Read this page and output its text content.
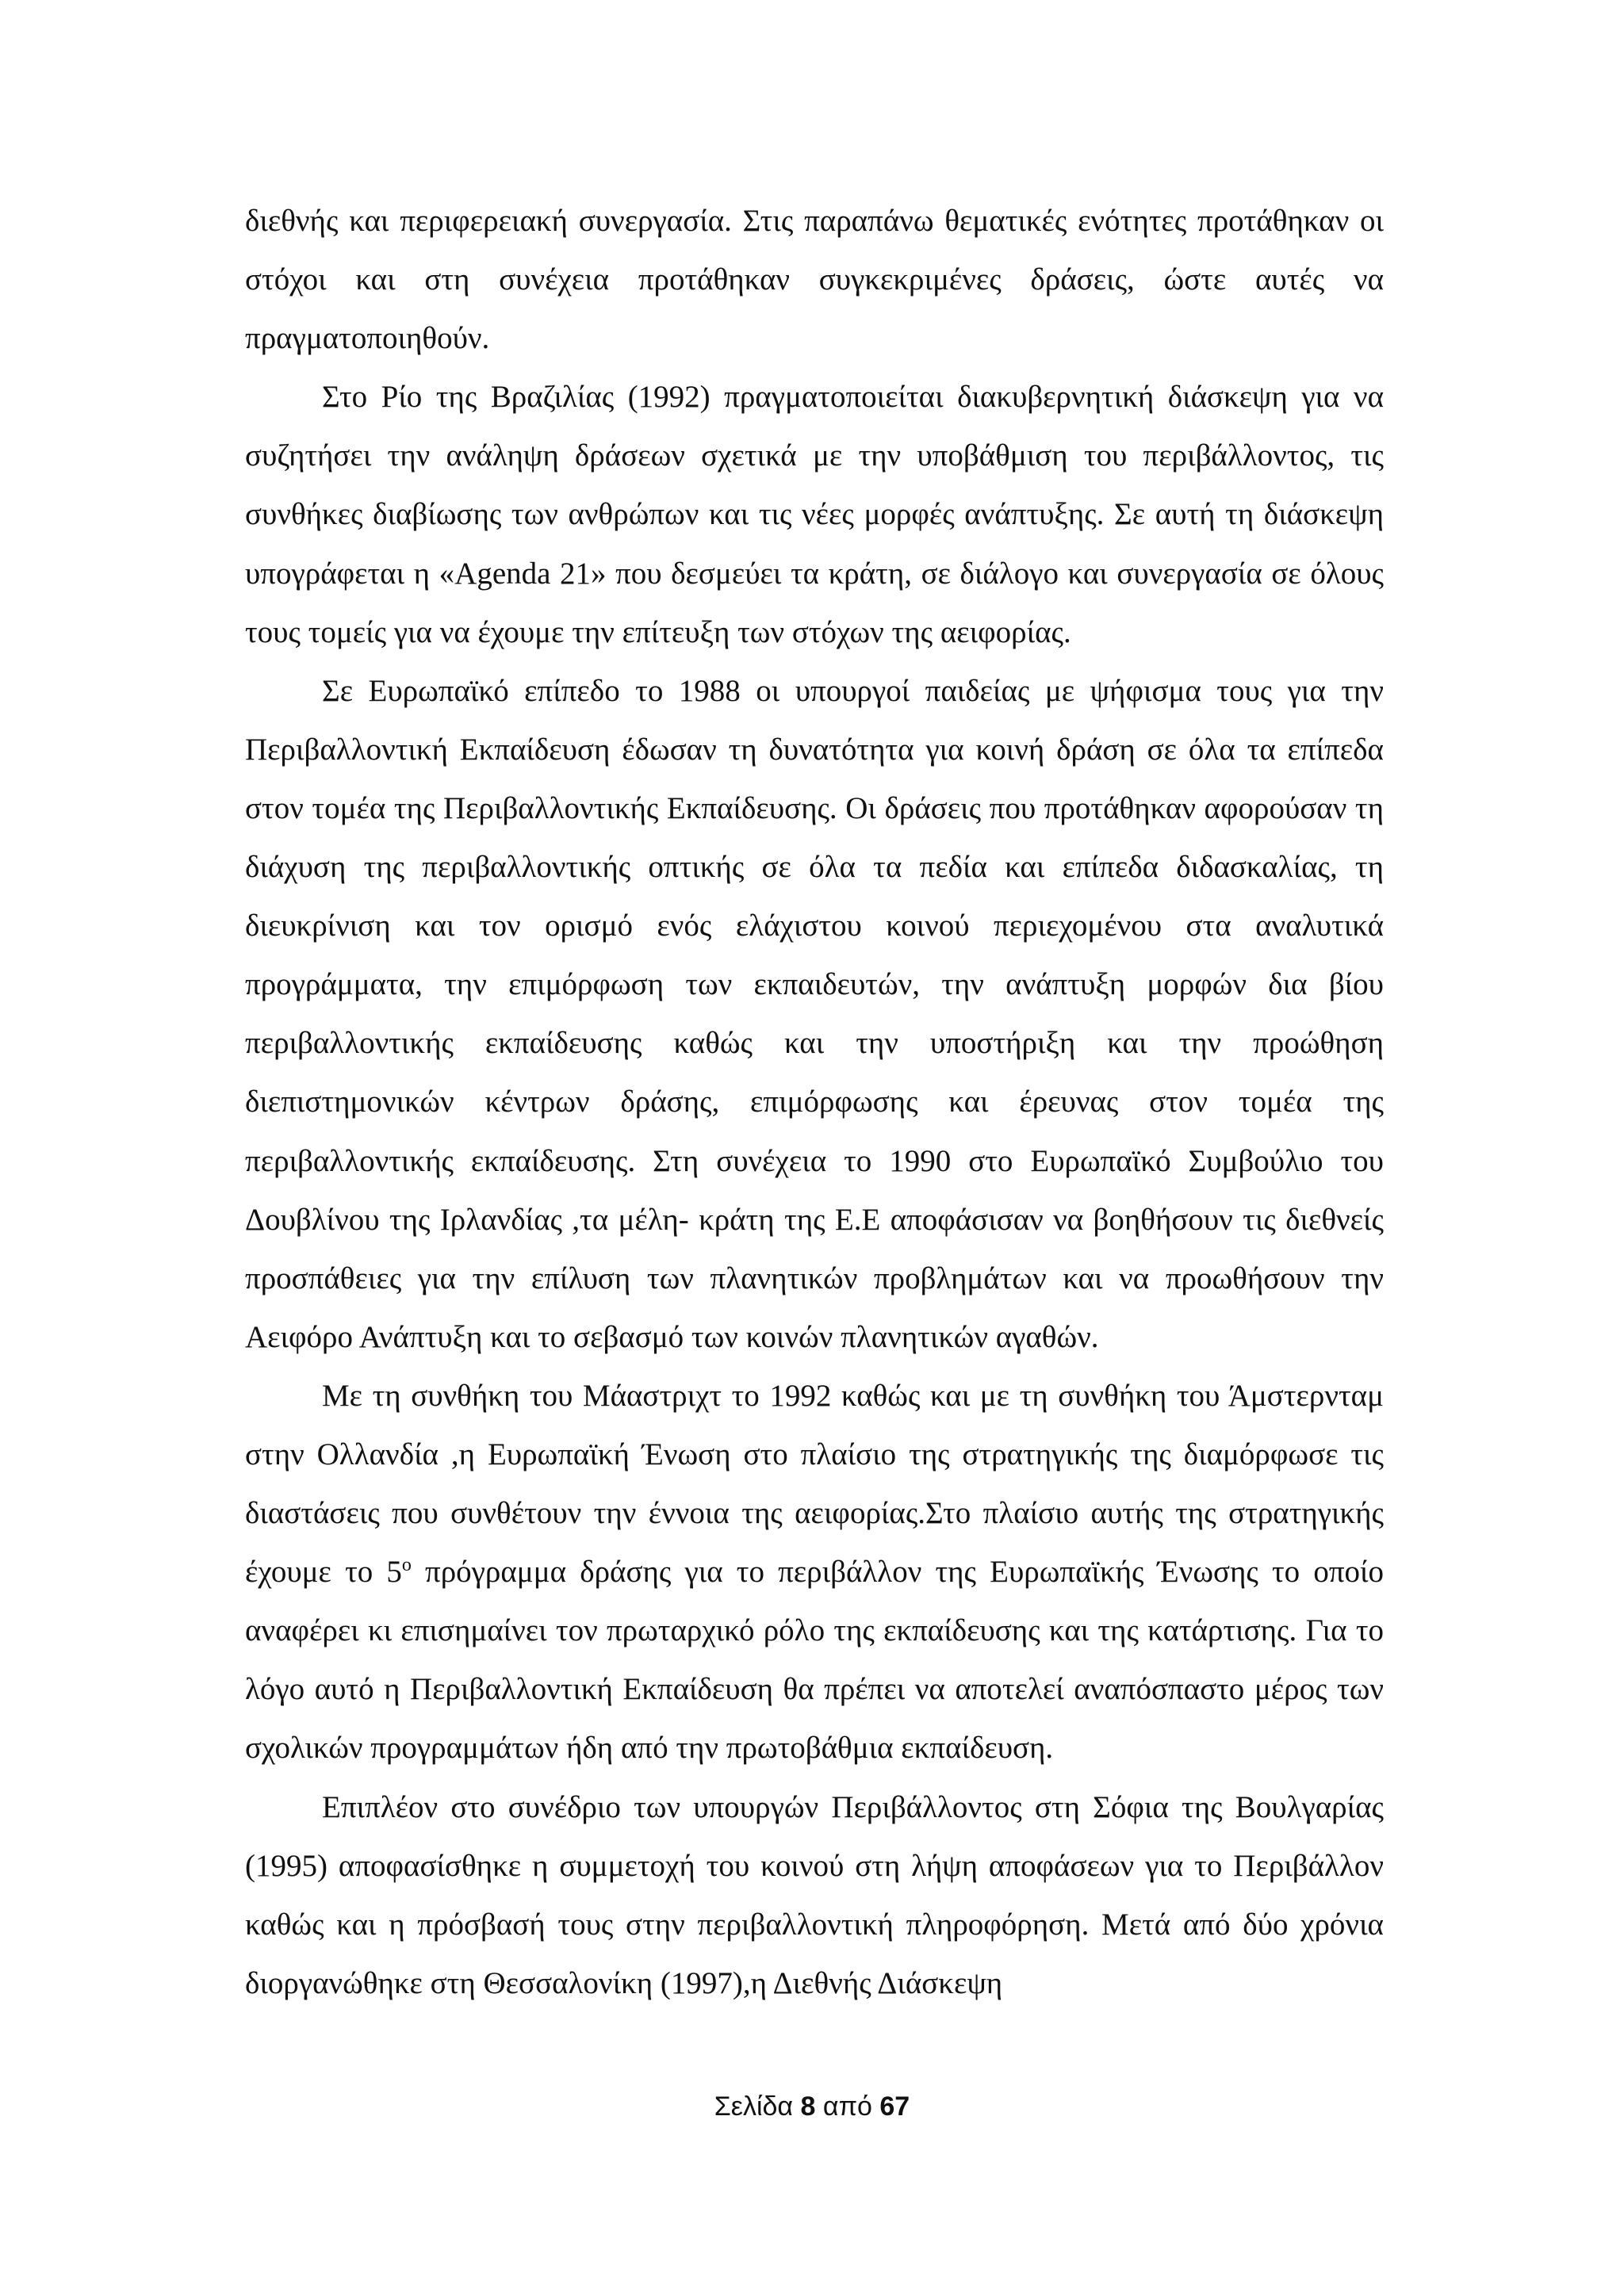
διεθνής και περιφερειακή συνεργασία. Στις παραπάνω θεματικές ενότητες προτάθηκαν οι στόχοι και στη συνέχεια προτάθηκαν συγκεκριμένες δράσεις, ώστε αυτές να πραγματοποιηθούν.

Στο Ρίο της Βραζιλίας (1992) πραγματοποιείται διακυβερνητική διάσκεψη για να συζητήσει την ανάληψη δράσεων σχετικά με την υποβάθμιση του περιβάλλοντος, τις συνθήκες διαβίωσης των ανθρώπων και τις νέες μορφές ανάπτυξης. Σε αυτή τη διάσκεψη υπογράφεται η «Agenda 21» που δεσμεύει τα κράτη, σε διάλογο και συνεργασία σε όλους τους τομείς για να έχουμε την επίτευξη των στόχων της αειφορίας.

Σε Ευρωπαϊκό επίπεδο το 1988 οι υπουργοί παιδείας με ψήφισμα τους για την Περιβαλλοντική Εκπαίδευση έδωσαν τη δυνατότητα για κοινή δράση σε όλα τα επίπεδα στον τομέα της Περιβαλλοντικής Εκπαίδευσης. Οι δράσεις που προτάθηκαν αφορούσαν τη διάχυση της περιβαλλοντικής οπτικής σε όλα τα πεδία και επίπεδα διδασκαλίας, τη διευκρίνιση και τον ορισμό ενός ελάχιστου κοινού περιεχομένου στα αναλυτικά προγράμματα, την επιμόρφωση των εκπαιδευτών, την ανάπτυξη μορφών δια βίου περιβαλλοντικής εκπαίδευσης καθώς και την υποστήριξη και την προώθηση διεπιστημονικών κέντρων δράσης, επιμόρφωσης και έρευνας στον τομέα της περιβαλλοντικής εκπαίδευσης. Στη συνέχεια το 1990 στο Ευρωπαϊκό Συμβούλιο του Δουβλίνου της Ιρλανδίας ,τα μέλη- κράτη της Ε.Ε αποφάσισαν να βοηθήσουν τις διεθνείς προσπάθειες για την επίλυση των πλανητικών προβλημάτων και να προωθήσουν την Αειφόρο Ανάπτυξη και το σεβασμό των κοινών πλανητικών αγαθών.

Με τη συνθήκη του Μάαστριχτ το 1992 καθώς και με τη συνθήκη του Άμστερνταμ στην Ολλανδία ,η Ευρωπαϊκή Ένωση στο πλαίσιο της στρατηγικής της διαμόρφωσε τις διαστάσεις που συνθέτουν την έννοια της αειφορίας.Στο πλαίσιο αυτής της στρατηγικής έχουμε το $5^o$ πρόγραμμα δράσης για το περιβάλλον της Ευρωπαϊκής Ένωσης το οποίο αναφέρει κι επισημαίνει τον πρωταρχικό ρόλο της εκπαίδευσης και της κατάρτισης. Για το λόγο αυτό η Περιβαλλοντική Εκπαίδευση θα πρέπει να αποτελεί αναπόσπαστο μέρος των σχολικών προγραμμάτων ήδη από την πρωτοβάθμια εκπαίδευση.

Επιπλέον στο συνέδριο των υπουργών Περιβάλλοντος στη Σόφια της Βουλγαρίας (1995) αποφασίσθηκε η συμμετοχή του κοινού στη λήψη αποφάσεων για το Περιβάλλον καθώς και η πρόσβασή τους στην περιβαλλοντική πληροφόρηση. Μετά από δύο χρόνια διοργανώθηκε στη Θεσσαλονίκη (1997),η Διεθνής Διάσκεψη

Σελίδα 8 από 67
